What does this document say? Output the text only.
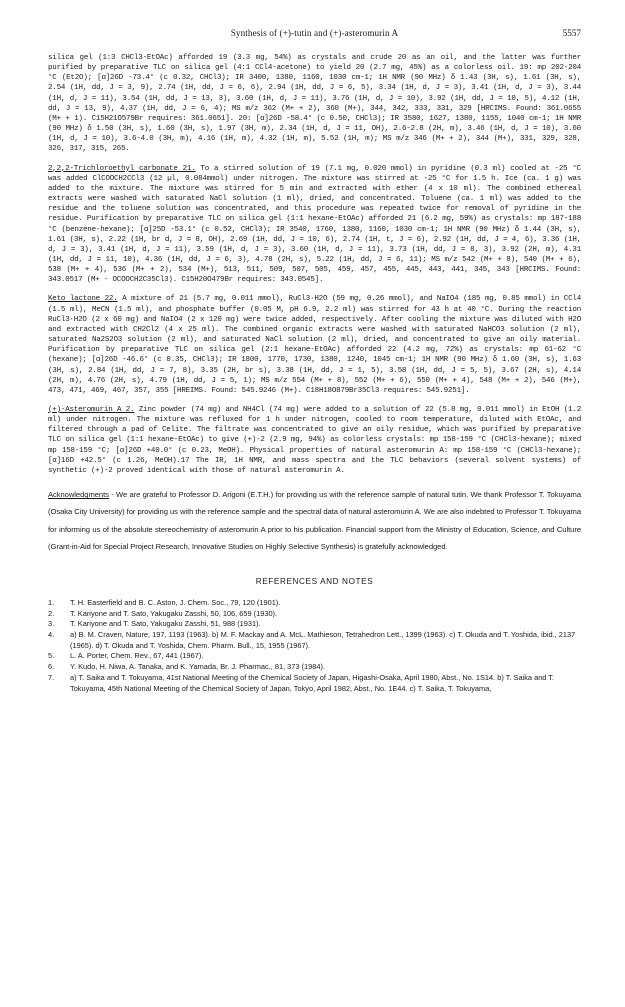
Synthesis of (+)-tutin and (+)-asteromurin A	5557

silica gel (1:3 CHCl3-EtOAc) afforded 19 (3.3 mg, 54%) as crystals and crude 20 as an oil, and the latter was further purified by preparative TLC on silica gel (4:1 CCl4-acetone) to yield 20 (2.7 mg, 45%) as a colorless oil. 19: mp 202-204 °C (Et2O); [α]26D -73.4° (c 0.32, CHCl3); IR 3400, 1380, 1160, 1030 cm-1; 1H NMR (90 MHz) δ 1.43 (3H, s), 1.61 (3H, s), 2.54 (1H, dd, J = 3, 9), 2.74 (1H, dd, J = 6, 6), 2.94 (1H, dd, J = 6, 5), 3.34 (1H, d, J = 3), 3.41 (1H, d, J = 3), 3.44 (1H, d, J = 11), 3.54 (1H, dd, J = 13, 3), 3.60 (1H, d, J = 11), 3.76 (1H, d, J = 10), 3.92 (1H, dd, J = 10, 5), 4.12 (1H, dd, J = 13, 9), 4.37 (1H, dd, J = 6, 4); MS m/z 362 (M+ + 2), 360 (M+), 344, 342, 333, 331, 329 [HRCIMS. Found: 361.0655 (M+ + 1). C15H21O579Br requires: 361.0651]. 20: [α]26D -58.4° (c 0.50, CHCl3); IR 3580, 1627, 1380, 1155, 1040 cm-1; 1H NMR (90 MHz) δ 1.50 (3H, s), 1.60 (3H, s), 1.97 (3H, m), 2.34 (1H, d, J = 11, OH), 2.6-2.8 (2H, m), 3.46 (1H, d, J = 10), 3.60 (1H, d, J = 10), 3.6-4.0 (3H, m), 4.16 (1H, m), 4.32 (1H, m), 5.52 (1H, m); MS m/z 346 (M+ + 2), 344 (M+), 331, 329, 328, 326, 317, 315, 265.

2,2,2-Trichloroethyl carbonate 21. To a stirred solution of 19 (7.1 mg, 0.020 mmol) in pyridine (0.3 ml) cooled at -25 °C was added ClCOOCH2CCl3 (12 µl, 0.084mmol) under nitrogen. The mixture was stirred at -25 °C for 1.5 h. Ice (ca. 1 g) was added to the mixture. The mixture was stirred for 5 min and extracted with ether (4 x 10 ml). The combined ethereal extracts were washed with saturated NaCl solution (1 ml), dried, and concentrated. Toluene (ca. 1 ml) was added to the residue and the toluene solution was concentrated, and this procedure was repeated twice for removal of pyridine in the residue. Purification by preparative TLC on silica gel (1:1 hexane-EtOAc) afforded 21 (6.2 mg, 59%) as crystals: mp 187-188 °C (benzene-hexane); [α]25D -53.1° (c 0.52, CHCl3); IR 3540, 1760, 1380, 1160, 1030 cm-1; 1H NMR (90 MHz) δ 1.44 (3H, s), 1.61 (3H, s), 2.22 (1H, br d, J = 8, OH), 2.69 (1H, dd, J = 10, 6), 2.74 (1H, t, J = 6), 2.92 (1H, dd, J = 4, 6), 3.36 (1H, d, J = 3), 3.41 (1H, d, J = 11), 3.59 (1H, d, J = 3), 3.60 (1H, d, J = 11), 3.73 (1H, dd, J = 8, 3), 3.92 (2H, m), 4.31 (1H, dd, J = 11, 10), 4.36 (1H, dd, J = 6, 3), 4.78 (2H, s), 5.22 (1H, dd, J = 6, 11); MS m/z 542 (M+ + 8), 540 (M+ + 6), 538 (M+ + 4), 536 (M+ + 2), 534 (M+), 513, 511, 509, 507, 505, 459, 457, 455, 445, 443, 441, 345, 343 [HRCIMS. Found: 343.0517 (M+ - OCOOCH2C35Cl3). C15H20O479Br requires: 343.0545].

Keto lactone 22. A mixture of 21 (5.7 mg, 0.011 mmol), RuCl3·H2O (59 mg, 0.26 mmol), and NaIO4 (185 mg, 0.85 mmol) in CCl4 (1.5 ml), MeCN (1.5 ml), and phosphate buffer (0.05 M, pH 6.9, 2.2 ml) was stirred for 43 h at 40 °C. During the reaction RuCl3·H2O (2 x 60 mg) and NaIO4 (2 x 120 mg) were twice added, respectively. After cooling the mixture was diluted with H2O and extracted with CH2Cl2 (4 x 25 ml). The combined organic extracts were washed with saturated NaHCO3 solution (2 ml), saturated Na2S2O3 solution (2 ml), and saturated NaCl solution (2 ml), dried, and concentrated to give an oily material. Purification by preparative TLC on silica gel (2:1 hexane-EtOAc) afforded 22 (4.2 mg, 72%) as crystals: mp 61-62 °C (hexane); [α]26D -46.6° (c 0.35, CHCl3); IR 1800, 1770, 1730, 1380, 1240, 1045 cm-1; 1H NMR (90 MHz) δ 1.60 (3H, s), 1.63 (3H, s), 2.84 (1H, dd, J = 7, 8), 3.35 (2H, br s), 3.38 (1H, dd, J = 1, 5), 3.58 (1H, dd, J = 5, 5), 3.67 (2H, s), 4.14 (2H, m), 4.76 (2H, s), 4.79 (1H, dd, J = 5, 1); MS m/z 554 (M+ + 8), 552 (M+ + 6), 550 (M+ + 4), 548 (M+ + 2), 546 (M+), 473, 471, 469, 467, 357, 355 [HREIMS. Found: 545.9246 (M+). C18H18O879Br35Cl3 requires: 545.9251].

(+)-Asteromurin A 2. Zinc powder (74 mg) and NH4Cl (74 mg) were added to a solution of 22 (5.8 mg, 0.011 mmol) in EtOH (1.2 ml) under nitrogen. The mixture was refluxed for 1 h under nitrogen, cooled to room temperature, diluted with EtOAc, and filtered through a pad of Celite. The filtrate was concentrated to give an oily residue, which was purified by preparative TLC on silica gel (1:1 hexane-EtOAc) to give (+)-2 (2.9 mg, 94%) as colorless crystals: mp 158-159 °C (CHCl3-hexane); mixed mp 158-159 °C; [α]26D +40.0° (c 0.23, MeOH). Physical properties of natural asteromurin A: mp 158-159 °C (CHCl3-hexane); [α]16D +42.5° (c 1.26, MeOH).17 The IR, 1H NMR, and mass spectra and the TLC behaviors (several solvent systems) of synthetic (+)-2 proved identical with those of natural asteromurin A.

Acknowledgments - We are grateful to Professor D. Arigoni (E.T.H.) for providing us with the reference sample of natural tutin. We thank Professor T. Tokuyama (Osaka City University) for providing us with the reference sample and the spectral data of natural asteromurin A. We are also indebted to Professor T. Tokuyama for informing us of the absolute stereochemistry of asteromurin A prior to his publication. Financial support from the Ministry of Education, Science, and Culture (Grant-in-Aid for Special Project Research, Innovative Studies on Highly Selective Synthesis) is gratefully acknowledged.

REFERENCES AND NOTES
1.	T. H. Easterfield and B. C. Aston, J. Chem. Soc., 79, 120 (1901).
2.	T. Kariyone and T. Sato, Yakugaku Zasshi, 50, 106, 659 (1930).
3.	T. Kariyone and T. Sato, Yakugaku Zasshi, 51, 988 (1931).
4.	a) B. M. Craven, Nature, 197, 1193 (1963). b) M. F. Mackay and A. McL. Mathieson, Tetrahedron Lett., 1399 (1963). c) T. Okuda and T. Yoshida, ibid., 2137 (1965). d) T. Okuda and T. Yoshida, Chem. Pharm. Bull., 15, 1955 (1967).
5.	L. A. Porter, Chem. Rev., 67, 441 (1967).
6.	Y. Kudo, H. Niwa, A. Tanaka, and K. Yamada, Br. J. Pharmac., 81, 373 (1984).
7.	a) T. Saika and T. Tokuyama, 41st National Meeting of the Chemical Society of Japan, Higashi-Osaka, April 1980, Abst., No. 1S14. b) T. Saika and T. Tokuyama, 45th National Meeting of the Chemical Society of Japan, Tokyo, April 1982, Abst., No. 1E44. c) T. Saika, T. Tokuyama,
